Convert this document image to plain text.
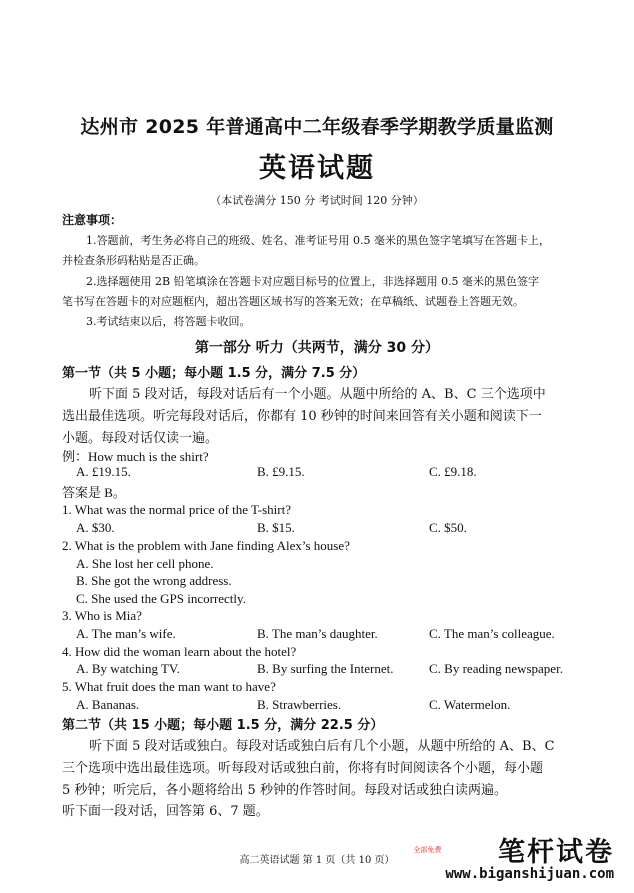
达州市 2025 年普通高中二年级春季学期教学质量监测
英语试题
（本试卷满分 150 分 考试时间 120 分钟）
注意事项：
1.答题前，考生务必将自己的班级、姓名、准考证号用 0.5 毫米的黑色签字笔填写在答题卡上，
并检查条形码粘贴是否正确。
2.选择题使用 2B 铅笔填涂在答题卡对应题目标号的位置上，非选择题用 0.5 毫米的黑色签字
笔书写在答题卡的对应题框内，超出答题区域书写的答案无效；在草稿纸、试题卷上答题无效。
3.考试结束以后，将答题卡收回。
第一部分 听力（共两节，满分 30 分）
第一节（共 5 小题；每小题 1.5 分，满分 7.5 分）
听下面 5 段对话，每段对话后有一个小题。从题中所给的 A、B、C 三个选项中
选出最佳选项。听完每段对话后，你都有 10 秒钟的时间来回答有关小题和阅读下一
小题。每段对话仅读一遍。
例：How much is the shirt?
A. £19.15.	B. £9.15.	C. £9.18.
答案是 B。
1. What was the normal price of the T-shirt?
A. $30.	B. $15.	C. $50.
2. What is the problem with Jane finding Alex’s house?
A. She lost her cell phone.
B. She got the wrong address.
C. She used the GPS incorrectly.
3. Who is Mia?
A. The man’s wife.	B. The man’s daughter.	C. The man’s colleague.
4. How did the woman learn about the hotel?
A. By watching TV.	B. By surfing the Internet.	C. By reading newspaper.
5. What fruit does the man want to have?
A. Bananas.	B. Strawberries.	C. Watermelon.
第二节（共 15 小题；每小题 1.5 分，满分 22.5 分）
听下面 5 段对话或独白。每段对话或独白后有几个小题，从题中所给的 A、B、C
三个选项中选出最佳选项。听每段对话或独白前，你将有时间阅读各个小题，每小题
5 秒钟；听完后，各小题将给出 5 秒钟的作答时间。每段对话或独白读两遍。
听下面一段对话，回答第 6、7 题。
高二英语试题 第 1 页（共 10 页）
全部免费	笔杆试卷
www.biganshijuan.com
